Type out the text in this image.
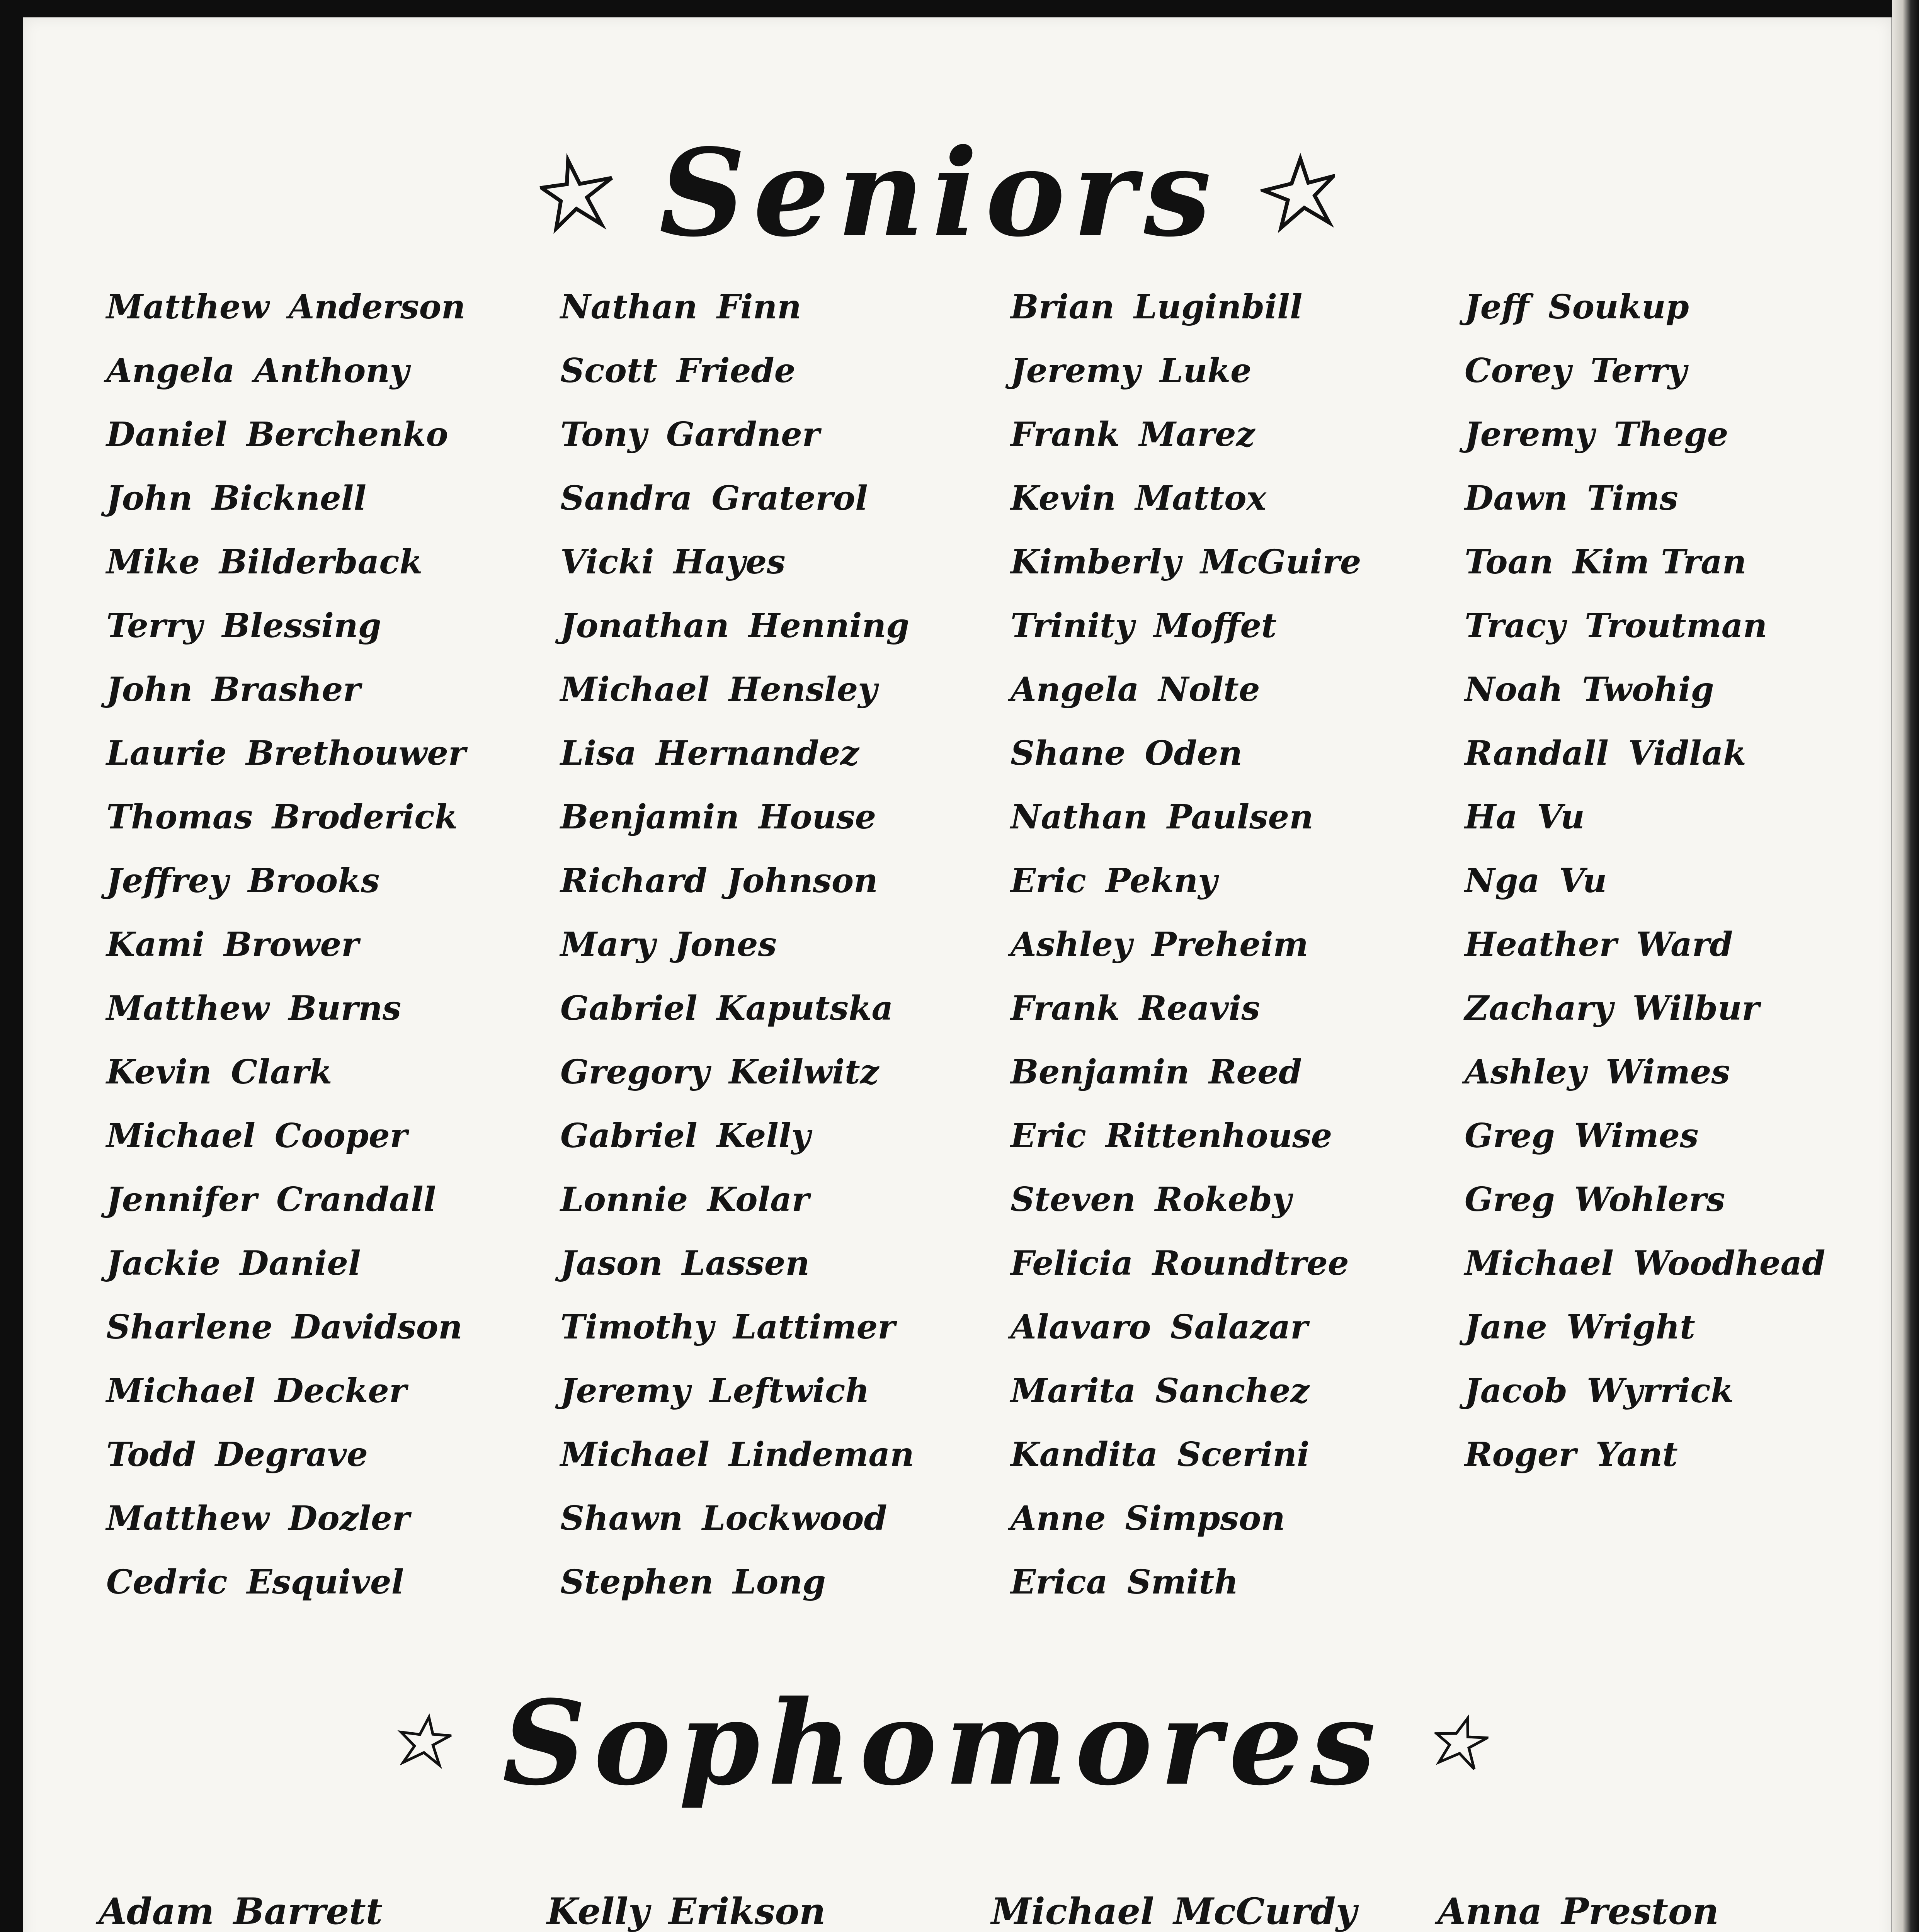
Seniors
Matthew Anderson
Angela Anthony
Daniel Berchenko
John Bicknell
Mike Bilderback
Terry Blessing
John Brasher
Laurie Brethouwer
Thomas Broderick
Jeffrey Brooks
Kami Brower
Matthew Burns
Kevin Clark
Michael Cooper
Jennifer Crandall
Jackie Daniel
Sharlene Davidson
Michael Decker
Todd Degrave
Matthew Dozler
Cedric Esquivel
Nathan Finn
Scott Friede
Tony Gardner
Sandra Graterol
Vicki Hayes
Jonathan Henning
Michael Hensley
Lisa Hernandez
Benjamin House
Richard Johnson
Mary Jones
Gabriel Kaputska
Gregory Keilwitz
Gabriel Kelly
Lonnie Kolar
Jason Lassen
Timothy Lattimer
Jeremy Leftwich
Michael Lindeman
Shawn Lockwood
Stephen Long
Brian Luginbill
Jeremy Luke
Frank Marez
Kevin Mattox
Kimberly McGuire
Trinity Moffet
Angela Nolte
Shane Oden
Nathan Paulsen
Eric Pekny
Ashley Preheim
Frank Reavis
Benjamin Reed
Eric Rittenhouse
Steven Rokeby
Felicia Roundtree
Alavaro Salazar
Marita Sanchez
Kandita Scerini
Anne Simpson
Erica Smith
Jeff Soukup
Corey Terry
Jeremy Thege
Dawn Tims
Toan Kim Tran
Tracy Troutman
Noah Twohig
Randall Vidlak
Ha Vu
Nga Vu
Heather Ward
Zachary Wilbur
Ashley Wimes
Greg Wimes
Greg Wohlers
Michael Woodhead
Jane Wright
Jacob Wyrrick
Roger Yant
Sophomores
Adam Barrett	Kelly Erikson	Michael McCurdy Anna Preston
